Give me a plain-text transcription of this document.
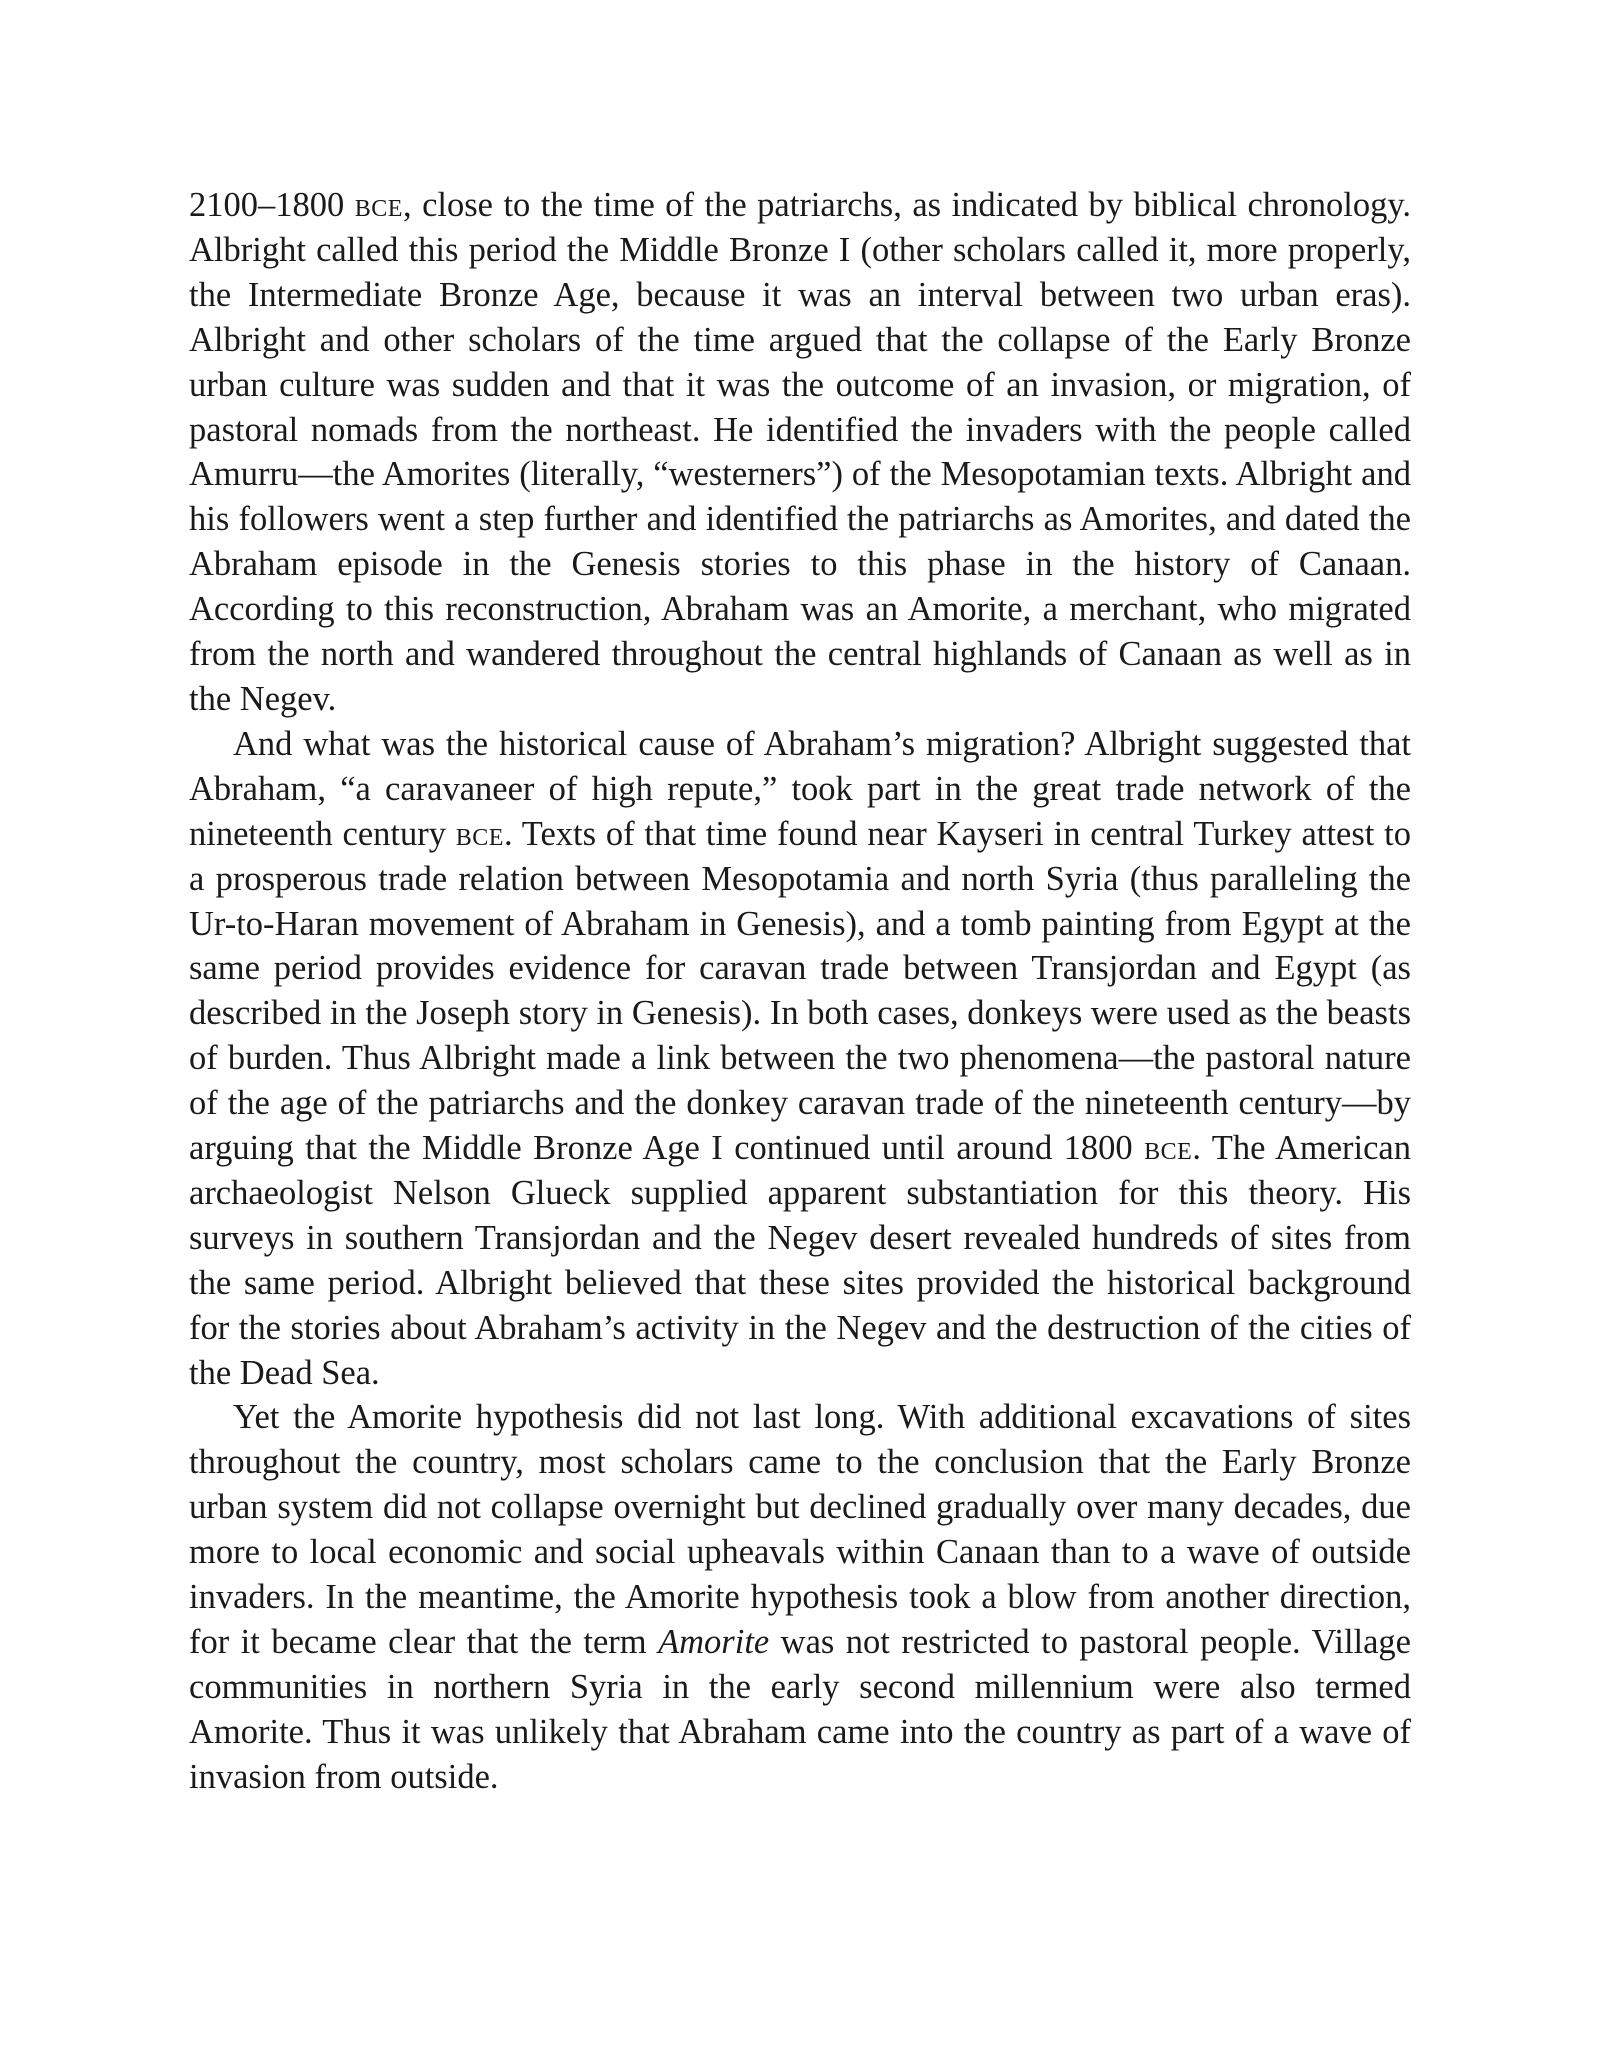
2100–1800 bce, close to the time of the patriarchs, as indicated by biblical chronology. Albright called this period the Middle Bronze I (other scholars called it, more properly, the Intermediate Bronze Age, because it was an interval between two urban eras). Albright and other scholars of the time argued that the collapse of the Early Bronze urban culture was sudden and that it was the outcome of an invasion, or migration, of pastoral nomads from the northeast. He identified the invaders with the people called Amurru—the Amorites (literally, “westerners”) of the Mesopotamian texts. Albright and his followers went a step further and identified the patriarchs as Amorites, and dated the Abraham episode in the Genesis stories to this phase in the history of Canaan. According to this reconstruction, Abraham was an Amorite, a merchant, who migrated from the north and wandered throughout the central highlands of Canaan as well as in the Negev.

And what was the historical cause of Abraham’s migration? Albright suggested that Abraham, “a caravaneer of high repute,” took part in the great trade network of the nineteenth century bce. Texts of that time found near Kayseri in central Turkey attest to a prosperous trade relation between Mesopotamia and north Syria (thus paralleling the Ur-to-Haran movement of Abraham in Genesis), and a tomb painting from Egypt at the same period provides evidence for caravan trade between Transjordan and Egypt (as described in the Joseph story in Genesis). In both cases, donkeys were used as the beasts of burden. Thus Albright made a link between the two phenomena—the pastoral nature of the age of the patriarchs and the donkey caravan trade of the nineteenth century—by arguing that the Middle Bronze Age I continued until around 1800 bce. The American archaeologist Nelson Glueck supplied apparent substantiation for this theory. His surveys in southern Transjordan and the Negev desert revealed hundreds of sites from the same period. Albright believed that these sites provided the historical background for the stories about Abraham’s activity in the Negev and the destruction of the cities of the Dead Sea.

Yet the Amorite hypothesis did not last long. With additional excavations of sites throughout the country, most scholars came to the conclusion that the Early Bronze urban system did not collapse overnight but declined gradually over many decades, due more to local economic and social upheavals within Canaan than to a wave of outside invaders. In the meantime, the Amorite hypothesis took a blow from another direction, for it became clear that the term Amorite was not restricted to pastoral people. Village communities in northern Syria in the early second millennium were also termed Amorite. Thus it was unlikely that Abraham came into the country as part of a wave of invasion from outside.
